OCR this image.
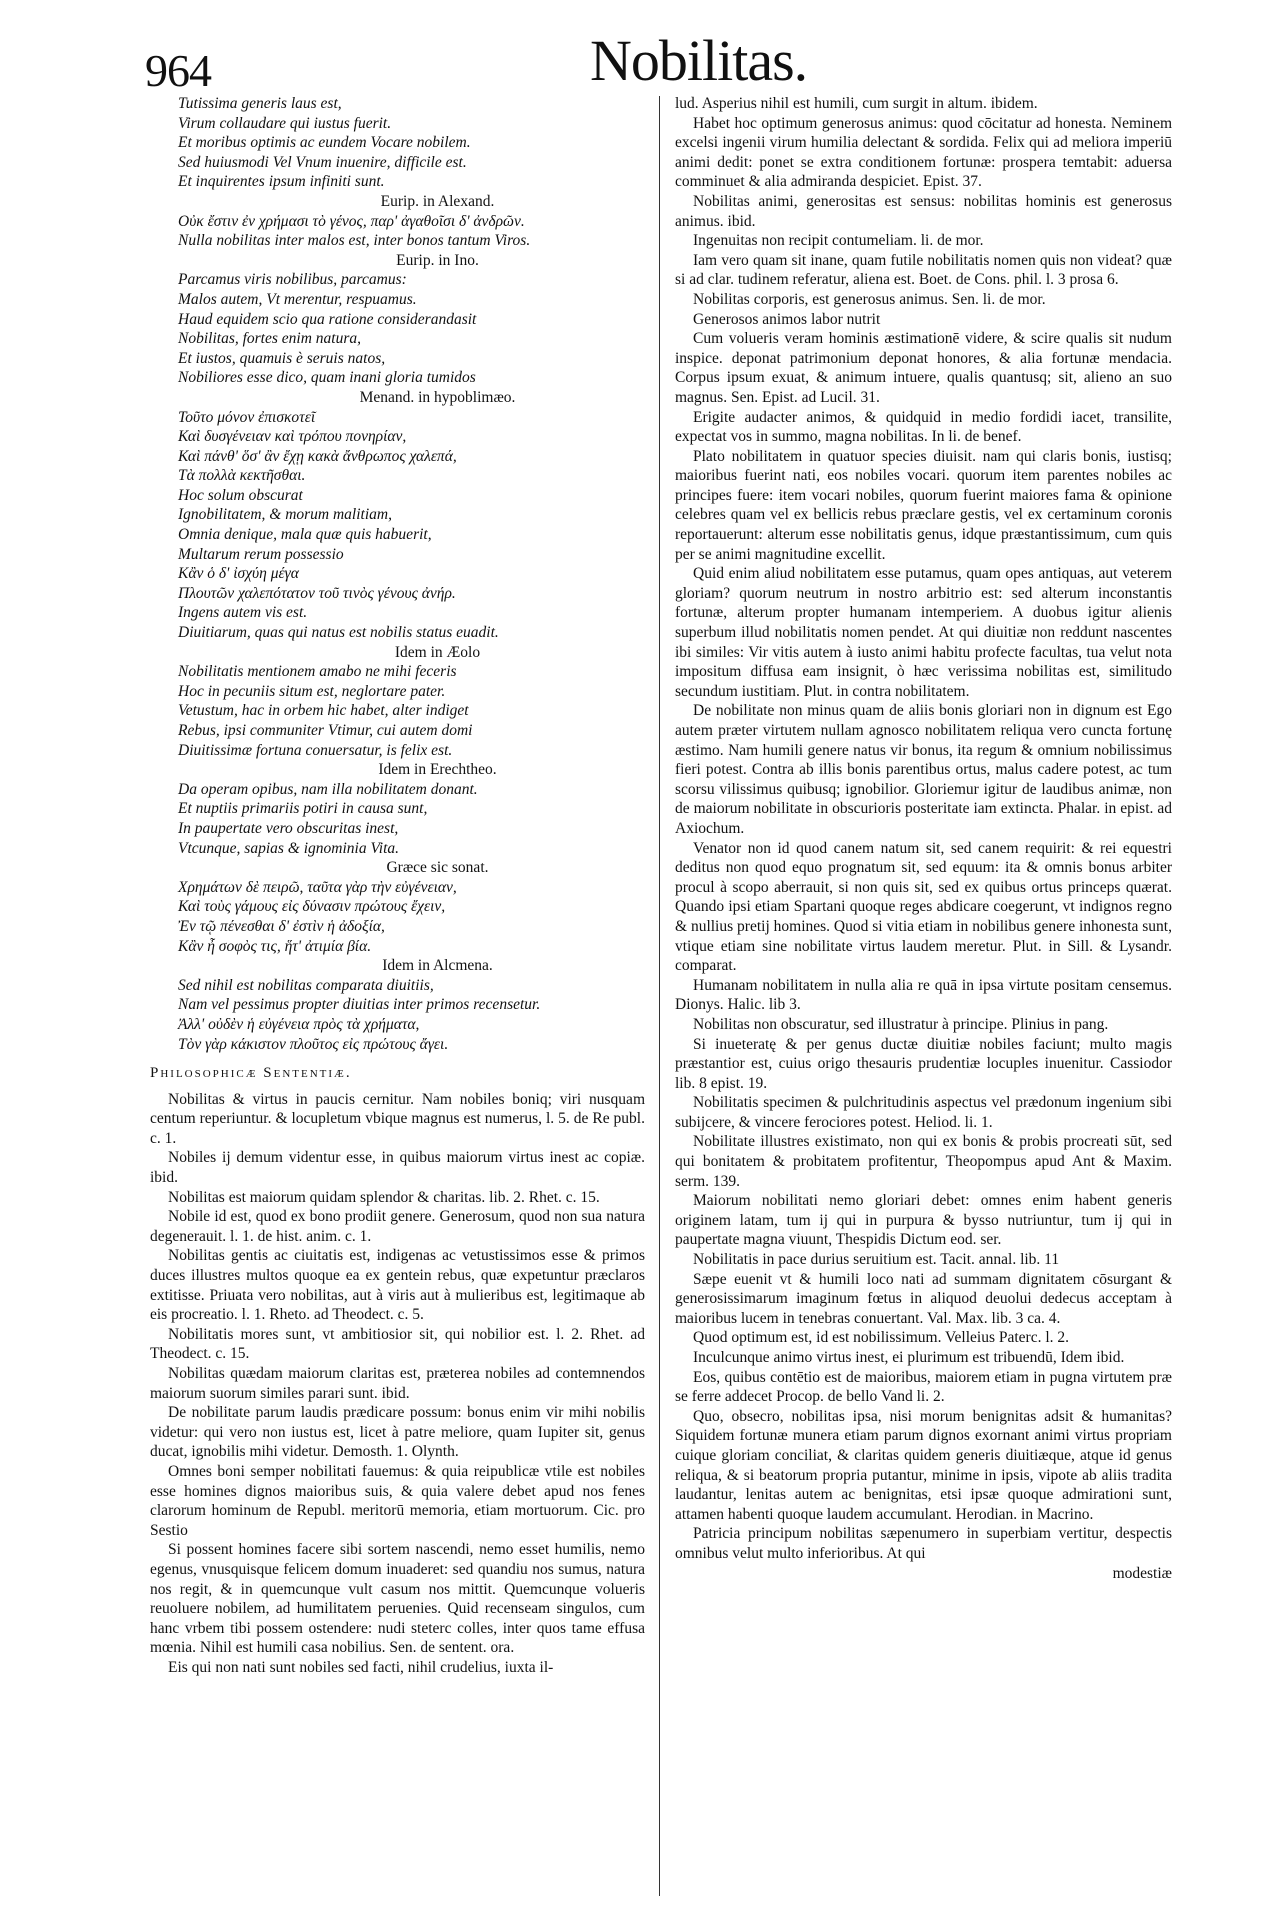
964	Nobilitas.
Tutissima generis laus est,
Virum collaudare qui iustus fuerit.
Et moribus optimis ac eundem Vocare nobilem.
Sed huiusmodi Vel Vnum inuenire, difficile est.
Et inquirentes ipsum infiniti sunt.
Eurip. in Alexand.
Οὐκ ἔστιν ἐν χρήμασι τὸ γένος, παρ' ἀγαθοῖσι δ' ἀνδρῶν.
Nulla nobilitas inter malos est, inter bonos tantum Viros.
Eurip. in Ino.
Parcamus viris nobilibus, parcamus:
Malos autem, Vt merentur, respuamus.
Haud equidem scio qua ratione considerandasit
Nobilitas, fortes enim natura,
Et iustos, quamuis è seruis natos,
Nobiliores esse dico, quam inani gloria tumidos
Menand. in hypoblimæo.
Τοῦτο μόνον ἐπισκοτεῖ
Καὶ δυσγένειαν καὶ τρόπου πονηρίαν,
Καὶ πάνθ' ὅσ' ἂν ἔχῃ κακὰ ἄνθρωπος χαλεπά,
Τὰ πολλὰ κεκτῆσθαι.
Hoc solum obscurat
Ignobilitatem, & morum malitiam,
Omnia denique, mala quæ quis habuerit,
Multarum rerum possessio
Κἂν ὁ δ' ἰσχύη μέγα
Πλουτῶν χαλεπότατον τοῦ τινὸς γένους ἀνήρ.
Ingens autem vis est.
Diuitiarum, quas qui natus est nobilis status euadit.
Idem in Æolo
Nobilitatis mentionem amabo ne mihi feceris
Hoc in pecuniis situm est, neglortare pater.
Vetustum, hac in orbem hic habet, alter indiget
Rebus, ipsi communiter Vtimur, cui autem domi
Diuitissimæ fortuna conuersatur, is felix est.
Idem in Erechtheo.
Da operam opibus, nam illa nobilitatem donant.
Et nuptiis primariis potiri in causa sunt,
In paupertate vero obscuritas inest,
Vtcunque, sapias & ignominia Vita.
Græce sic sonat.
Χρημάτων δὲ πειρῶ, ταῦτα γὰρ τὴν εὐγένειαν,
Καὶ τοὺς γάμους εἰς δύνασιν πρώτους ἔχειν,
Ἐν τῷ πένεσθαι δ' ἐστὶν ἡ ἀδοξία,
Κἂν ἦ σοφὸς τις, ἥτ' ἀτιμία βία.
Idem in Alcmena.
Sed nihil est nobilitas comparata diuitiis,
Nam vel pessimus propter diuitias inter primos recensetur.
Ἀλλ' οὐδὲν ἡ εὐγένεια πρὸς τὰ χρήματα,
Τὸν γὰρ κάκιστον πλοῦτος εἰς πρώτους ἄγει.
Philosophicæ Sententiæ.
Nobilitas & virtus in paucis cernitur. Nam nobiles boniq; viri nusquam centum reperiuntur. & locupletum vbique magnus est numerus, l. 5. de Re publ. c. 1.
Nobiles ij demum videntur esse, in quibus maiorum virtus inest ac copiæ. ibid.
Nobilitas est maiorum quidam splendor & charitas. lib. 2. Rhet. c. 15.
Nobile id est, quod ex bono prodiit genere. Generosum, quod non sua natura degenerauit. l. 1. de hist. anim. c. 1.
Nobilitas gentis ac ciuitatis est, indigenas ac vetustissimos esse & primos duces illustres multos quoque ea ex gentein rebus, quæ expetuntur præclaros extitisse. Priuata vero nobilitas, aut à viris aut à mulieribus est, legitimaque ab eis procreatio. l. 1. Rheto. ad Theodect. c. 5.
Nobilitatis mores sunt, vt ambitiosior sit, qui nobilior est. l. 2. Rhet. ad Theodect. c. 15.
Nobilitas quædam maiorum claritas est, præterea nobiles ad contemnendos maiorum suorum similes parari sunt. ibid.
De nobilitate parum laudis prædicare possum: bonus enim vir mihi nobilis videtur: qui vero non iustus est, licet à patre meliore, quam Iupiter sit, genus ducat, ignobilis mihi videtur. Demosth. 1. Olynth.
Omnes boni semper nobilitati fauemus: & quia reipublicæ vtile est nobiles esse homines dignos maioribus suis, & quia valere debet apud nos fenes clarorum hominum de Republ. meritorū memoria, etiam mortuorum. Cic. pro Sestio
Si possent homines facere sibi sortem nascendi, nemo esset humilis, nemo egenus, vnusquisque felicem domum inuaderet: sed quandiu nos sumus, natura nos regit, & in quemcunque vult casum nos mittit. Quemcunque volueris reuoluere nobilem, ad humilitatem peruenies. Quid recenseam singulos, cum hanc vrbem tibi possem ostendere: nudi steterc colles, inter quos tame effusa mœnia. Nihil est humili casa nobilius. Sen. de sentent. ora.
Eis qui non nati sunt nobiles sed facti, nihil crudelius, iuxta il-
lud. Asperius nihil est humili, cum surgit in altum. ibidem.
Habet hoc optimum generosus animus: quod cōcitatur ad honesta. Neminem excelsi ingenii virum humilia delectant & sordida. Felix qui ad meliora imperiū animi dedit: ponet se extra conditionem fortunæ: prospera temtabit: aduersa comminuet & alia admiranda despiciet. Epist. 37.
Nobilitas animi, generositas est sensus: nobilitas hominis est generosus animus. ibid.
Ingenuitas non recipit contumeliam. li. de mor.
Iam vero quam sit inane, quam futile nobilitatis nomen quis non videat? quæ si ad clar. tudinem referatur, aliena est. Boet. de Cons. phil. l. 3 prosa 6.
Nobilitas corporis, est generosus animus. Sen. li. de mor.
Generosos animos labor nutrit
Cum volueris veram hominis æstimationē videre, & scire qualis sit nudum inspice. deponat patrimonium deponat honores, & alia fortunæ mendacia. Corpus ipsum exuat, & animum intuere, qualis quantusq; sit, alieno an suo magnus. Sen. Epist. ad Lucil. 31.
Erigite audacter animos, & quidquid in medio fordidi iacet, transilite, expectat vos in summo, magna nobilitas. In li. de benef.
Plato nobilitatem in quatuor species diuisit. nam qui claris bonis, iustisq; maioribus fuerint nati, eos nobiles vocari. quorum item parentes nobiles ac principes fuere: item vocari nobiles, quorum fuerint maiores fama & opinione celebres quam vel ex bellicis rebus præclare gestis, vel ex certaminum coronis reportauerunt: alterum esse nobilitatis genus, idque præstantissimum, cum quis per se animi magnitudine excellit.
Quid enim aliud nobilitatem esse putamus, quam opes antiquas, aut veterem gloriam? quorum neutrum in nostro arbitrio est: sed alterum inconstantis fortunæ, alterum propter humanam intemperiem. A duobus igitur alienis superbum illud nobilitatis nomen pendet. At qui diuitiæ non reddunt nascentes ibi similes: Vir vitis autem à iusto animi habitu profecte facultas, tua velut nota impositum diffusa eam insignit, ò hæc verissima nobilitas est, similitudo secundum iustitiam. Plut. in contra nobilitatem.
De nobilitate non minus quam de aliis bonis gloriari non in dignum est Ego autem præter virtutem nullam agnosco nobilitatem reliqua vero cuncta fortunę æstimo. Nam humili genere natus vir bonus, ita regum & omnium nobilissimus fieri potest. Contra ab illis bonis parentibus ortus, malus cadere potest, ac tum scorsu vilissimus quibusq; ignobilior. Gloriemur igitur de laudibus animæ, non de maiorum nobilitate in obscurioris posteritate iam extincta. Phalar. in epist. ad Axiochum.
Venator non id quod canem natum sit, sed canem requirit: & rei equestri deditus non quod equo prognatum sit, sed equum: ita & omnis bonus arbiter procul à scopo aberrauit, si non quis sit, sed ex quibus ortus princeps quærat. Quando ipsi etiam Spartani quoque reges abdicare coegerunt, vt indignos regno & nullius pretij homines. Quod si vitia etiam in nobilibus genere inhonesta sunt, vtique etiam sine nobilitate virtus laudem meretur. Plut. in Sill. & Lysandr. comparat.
Humanam nobilitatem in nulla alia re quā in ipsa virtute positam censemus. Dionys. Halic. lib 3.
Nobilitas non obscuratur, sed illustratur à principe. Plinius in pang.
Si inueteratę & per genus ductæ diuitiæ nobiles faciunt; multo magis præstantior est, cuius origo thesauris prudentiæ locuples inuenitur. Cassiodor lib. 8 epist. 19.
Nobilitatis specimen & pulchritudinis aspectus vel prædonum ingenium sibi subijcere, & vincere ferociores potest. Heliod. li. 1.
Nobilitate illustres existimato, non qui ex bonis & probis procreati sūt, sed qui bonitatem & probitatem profitentur, Theopompus apud Ant & Maxim. serm. 139.
Maiorum nobilitati nemo gloriari debet: omnes enim habent generis originem latam, tum ij qui in purpura & bysso nutriuntur, tum ij qui in paupertate magna viuunt, Thespidis Dictum eod. ser.
Nobilitatis in pace durius seruitium est. Tacit. annal. lib. 11
Sæpe euenit vt & humili loco nati ad summam dignitatem cōsurgant & generosissimarum imaginum fœtus in aliquod deuolui dedecus acceptam à maioribus lucem in tenebras conuertant. Val. Max. lib. 3 ca. 4.
Quod optimum est, id est nobilissimum. Velleius Paterc. l. 2.
Inculcunque animo virtus inest, ei plurimum est tribuendū, Idem ibid.
Eos, quibus contētio est de maioribus, maiorem etiam in pugna virtutem præ se ferre addecet Procop. de bello Vand li. 2.
Quo, obsecro, nobilitas ipsa, nisi morum benignitas adsit & humanitas? Siquidem fortunæ munera etiam parum dignos exornant animi virtus propriam cuique gloriam conciliat, & claritas quidem generis diuitiæque, atque id genus reliqua, & si beatorum propria putantur, minime in ipsis, vipote ab aliis tradita laudantur, lenitas autem ac benignitas, etsi ipsæ quoque admirationi sunt, attamen habenti quoque laudem accumulant. Herodian. in Macrino.
Patricia principum nobilitas sæpenumero in superbiam vertitur, despectis omnibus velut multo inferioribus. At qui
modestiæ
